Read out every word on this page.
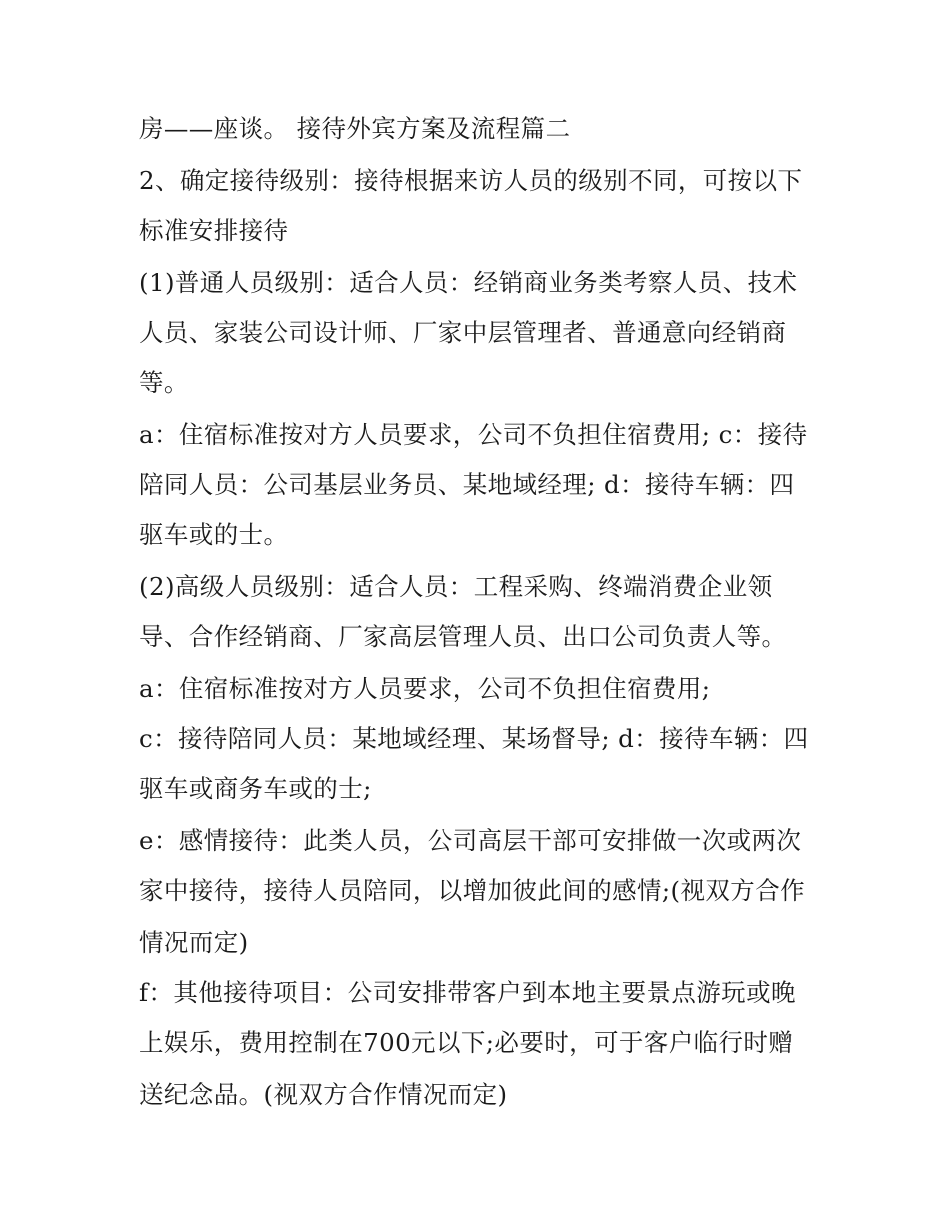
房——座谈。 接待外宾方案及流程篇二
2、确定接待级别：接待根据来访人员的级别不同，可按以下
标准安排接待
(1)普通人员级别：适合人员：经销商业务类考察人员、技术
人员、家装公司设计师、厂家中层管理者、普通意向经销商
等。
a：住宿标准按对方人员要求，公司不负担住宿费用; c：接待
陪同人员：公司基层业务员、某地域经理; d：接待车辆：四
驱车或的士。
(2)高级人员级别：适合人员：工程采购、终端消费企业领
导、合作经销商、厂家高层管理人员、出口公司负责人等。
a：住宿标准按对方人员要求，公司不负担住宿费用;
c：接待陪同人员：某地域经理、某场督导; d：接待车辆：四
驱车或商务车或的士;
e：感情接待：此类人员，公司高层干部可安排做一次或两次
家中接待，接待人员陪同，以增加彼此间的感情;(视双方合作
情况而定)
f：其他接待项目：公司安排带客户到本地主要景点游玩或晚
上娱乐，费用控制在700元以下;必要时，可于客户临行时赠
送纪念品。(视双方合作情况而定)
